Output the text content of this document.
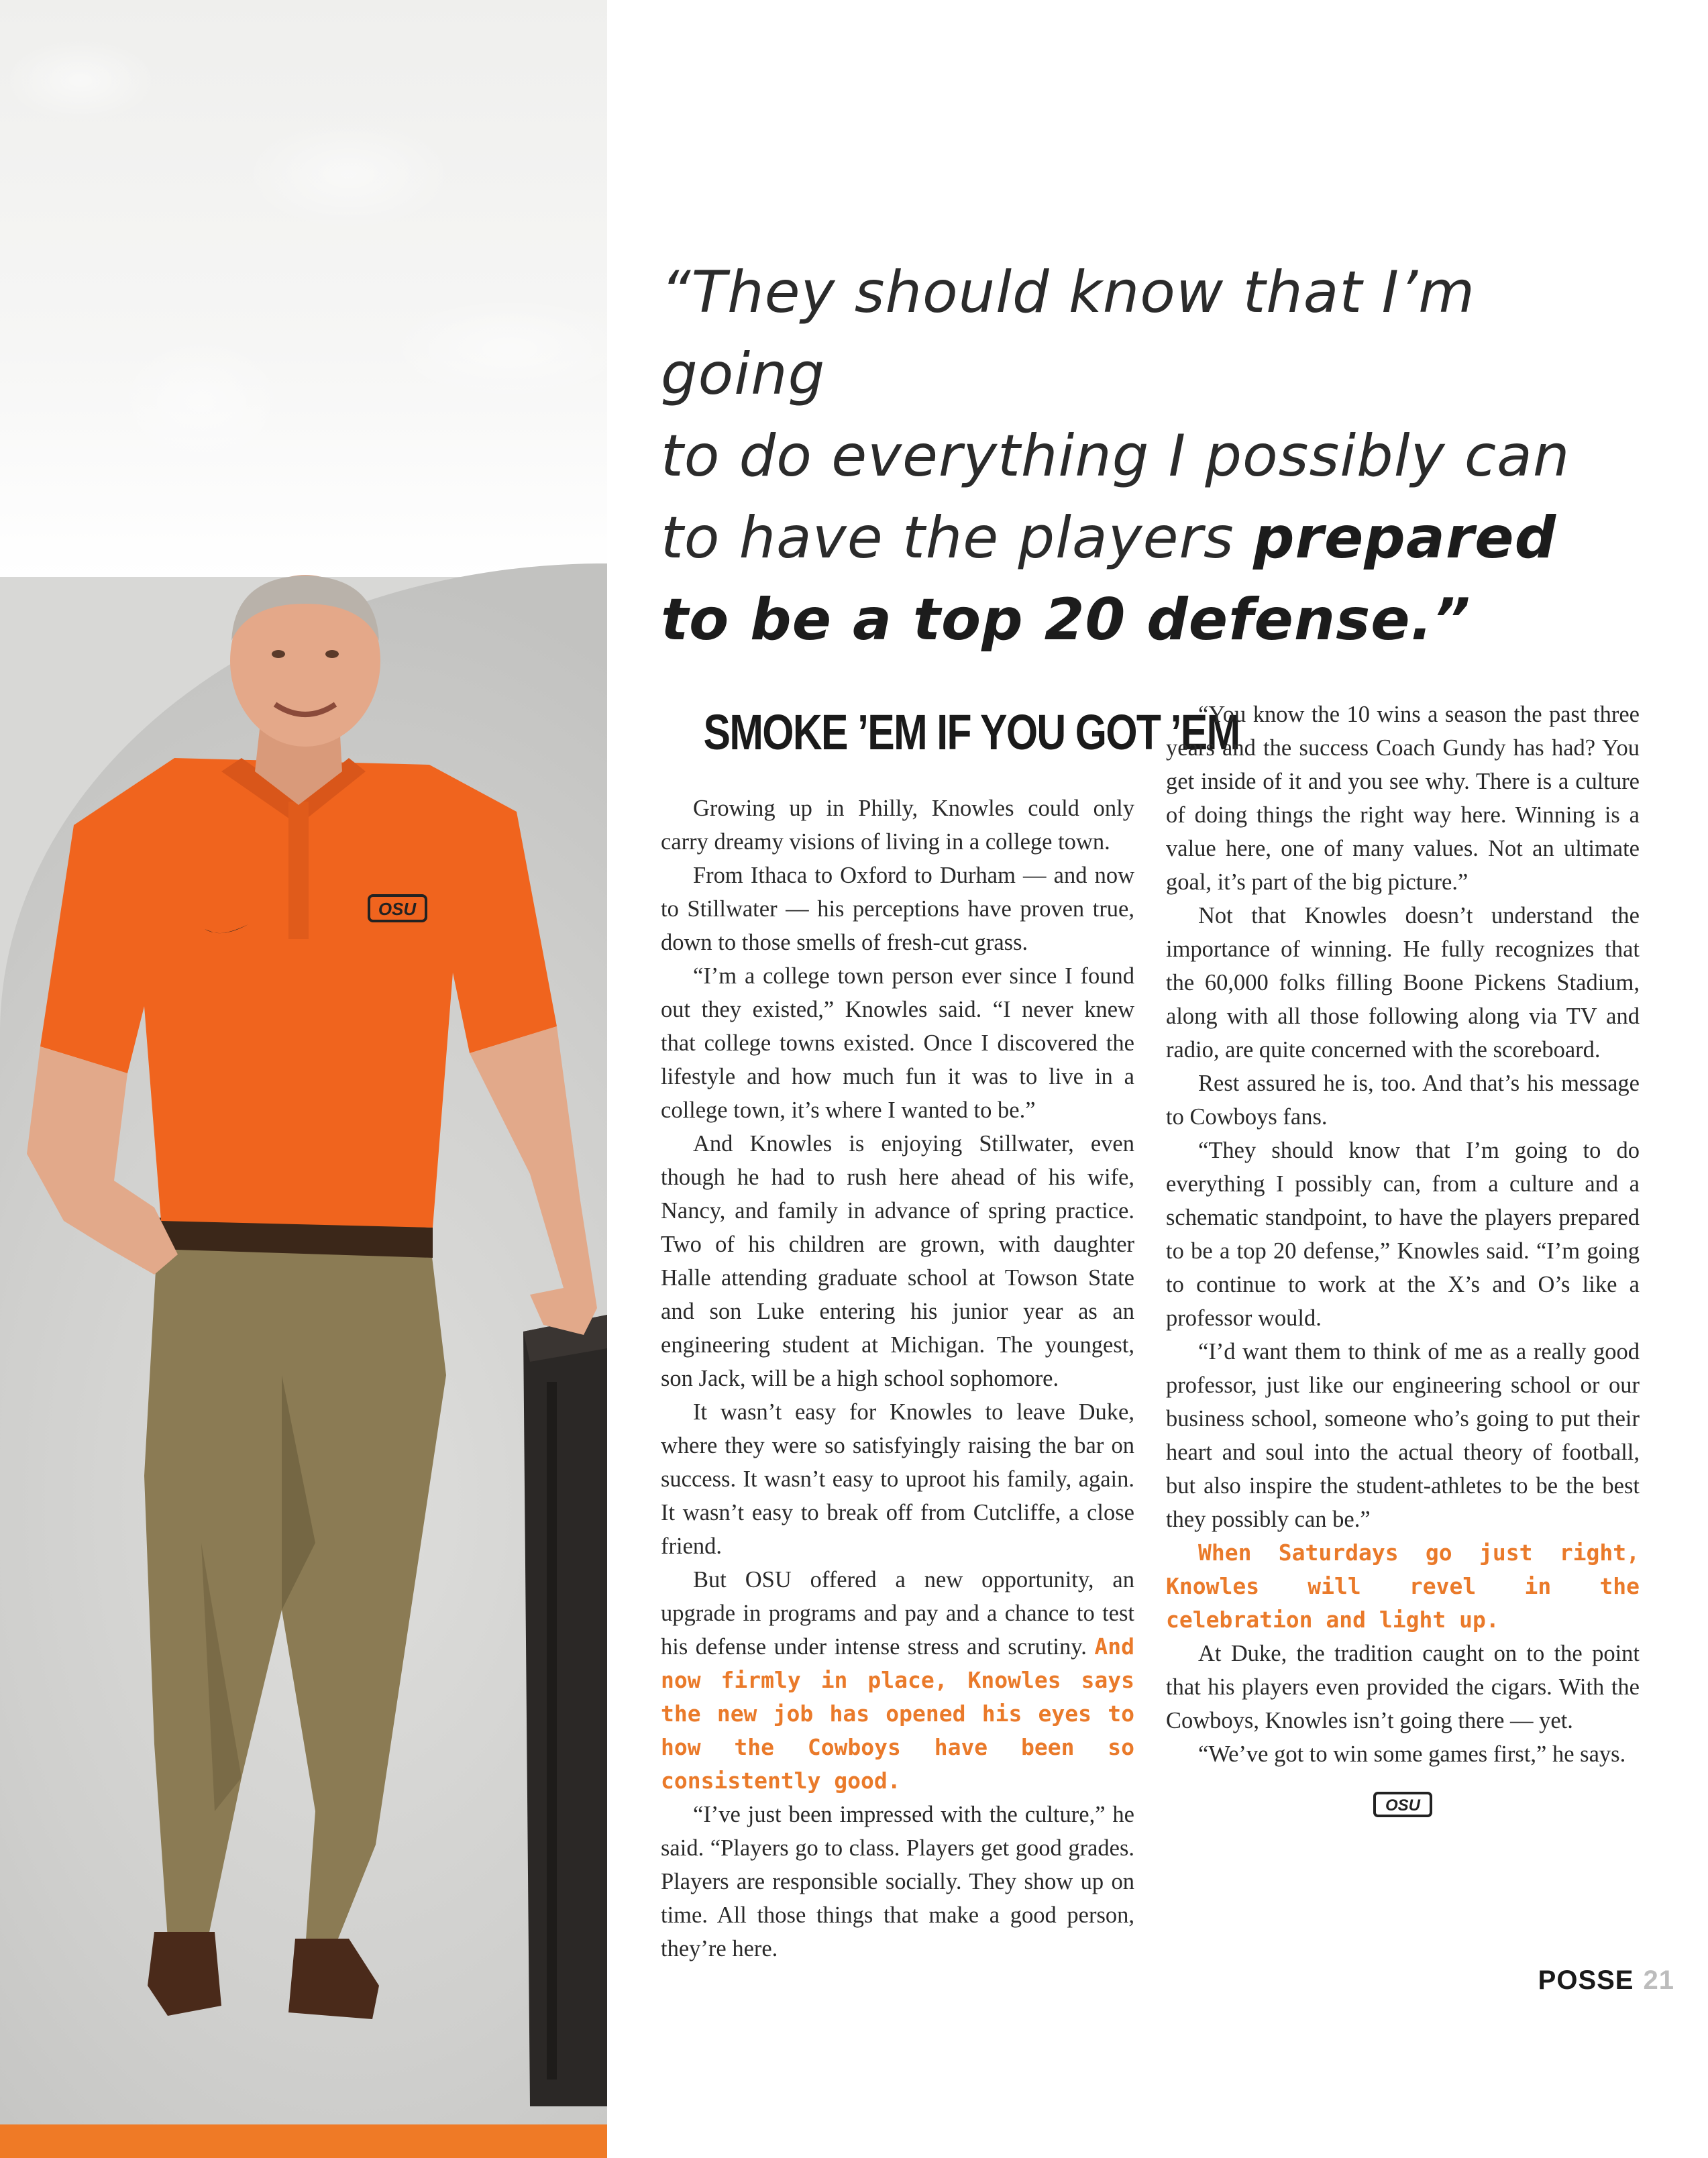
OSU
“They should know that I’m going
to do everything I possibly can
to have the players prepared
to be a top 20 defense.”
SMOKE ’EM IF YOU GOT ’EM

Growing up in Philly, Knowles could only carry dreamy visions of living in a college town.

From Ithaca to Oxford to Durham — and now to Stillwater — his perceptions have proven true, down to those smells of fresh-cut grass.

“I’m a college town person ever since I found out they existed,” Knowles said. “I never knew that college towns existed. Once I discovered the lifestyle and how much fun it was to live in a college town, it’s where I wanted to be.”

And Knowles is enjoying Stillwater, even though he had to rush here ahead of his wife, Nancy, and family in advance of spring practice. Two of his children are grown, with daughter Halle attending graduate school at Towson State and son Luke entering his junior year as an engineering student at Michigan. The youngest, son Jack, will be a high school sophomore.

It wasn’t easy for Knowles to leave Duke, where they were so satisfyingly raising the bar on success. It wasn’t easy to uproot his family, again. It wasn’t easy to break off from Cutcliffe, a close friend.

But OSU offered a new opportunity, an upgrade in programs and pay and a chance to test his defense under intense stress and scrutiny. And now firmly in place, Knowles says the new job has opened his eyes to how the Cowboys have been so consistently good.

“I’ve just been impressed with the culture,” he said. “Players go to class. Players get good grades. Players are responsible socially. They show up on time. All those things that make a good person, they’re here.

“You know the 10 wins a season the past three years and the success Coach Gundy has had? You get inside of it and you see why. There is a culture of doing things the right way here. Winning is a value here, one of many values. Not an ultimate goal, it’s part of the big picture.”

Not that Knowles doesn’t understand the importance of winning. He fully recognizes that the 60,000 folks filling Boone Pickens Stadium, along with all those following along via TV and radio, are quite concerned with the scoreboard.

Rest assured he is, too. And that’s his message to Cowboys fans.

“They should know that I’m going to do everything I possibly can, from a culture and a schematic standpoint, to have the players prepared to be a top 20 defense,” Knowles said. “I’m going to continue to work at the X’s and O’s like a professor would.

“I’d want them to think of me as a really good professor, just like our engineering school or our business school, someone who’s going to put their heart and soul into the actual theory of football, but also inspire the student-athletes to be the best they possibly can be.”

When Saturdays go just right, Knowles will revel in the celebration and light up.

At Duke, the tradition caught on to the point that his players even provided the cigars. With the Cowboys, Knowles isn’t going there — yet.

“We’ve got to win some games first,” he says.

OSU
POSSE 21
